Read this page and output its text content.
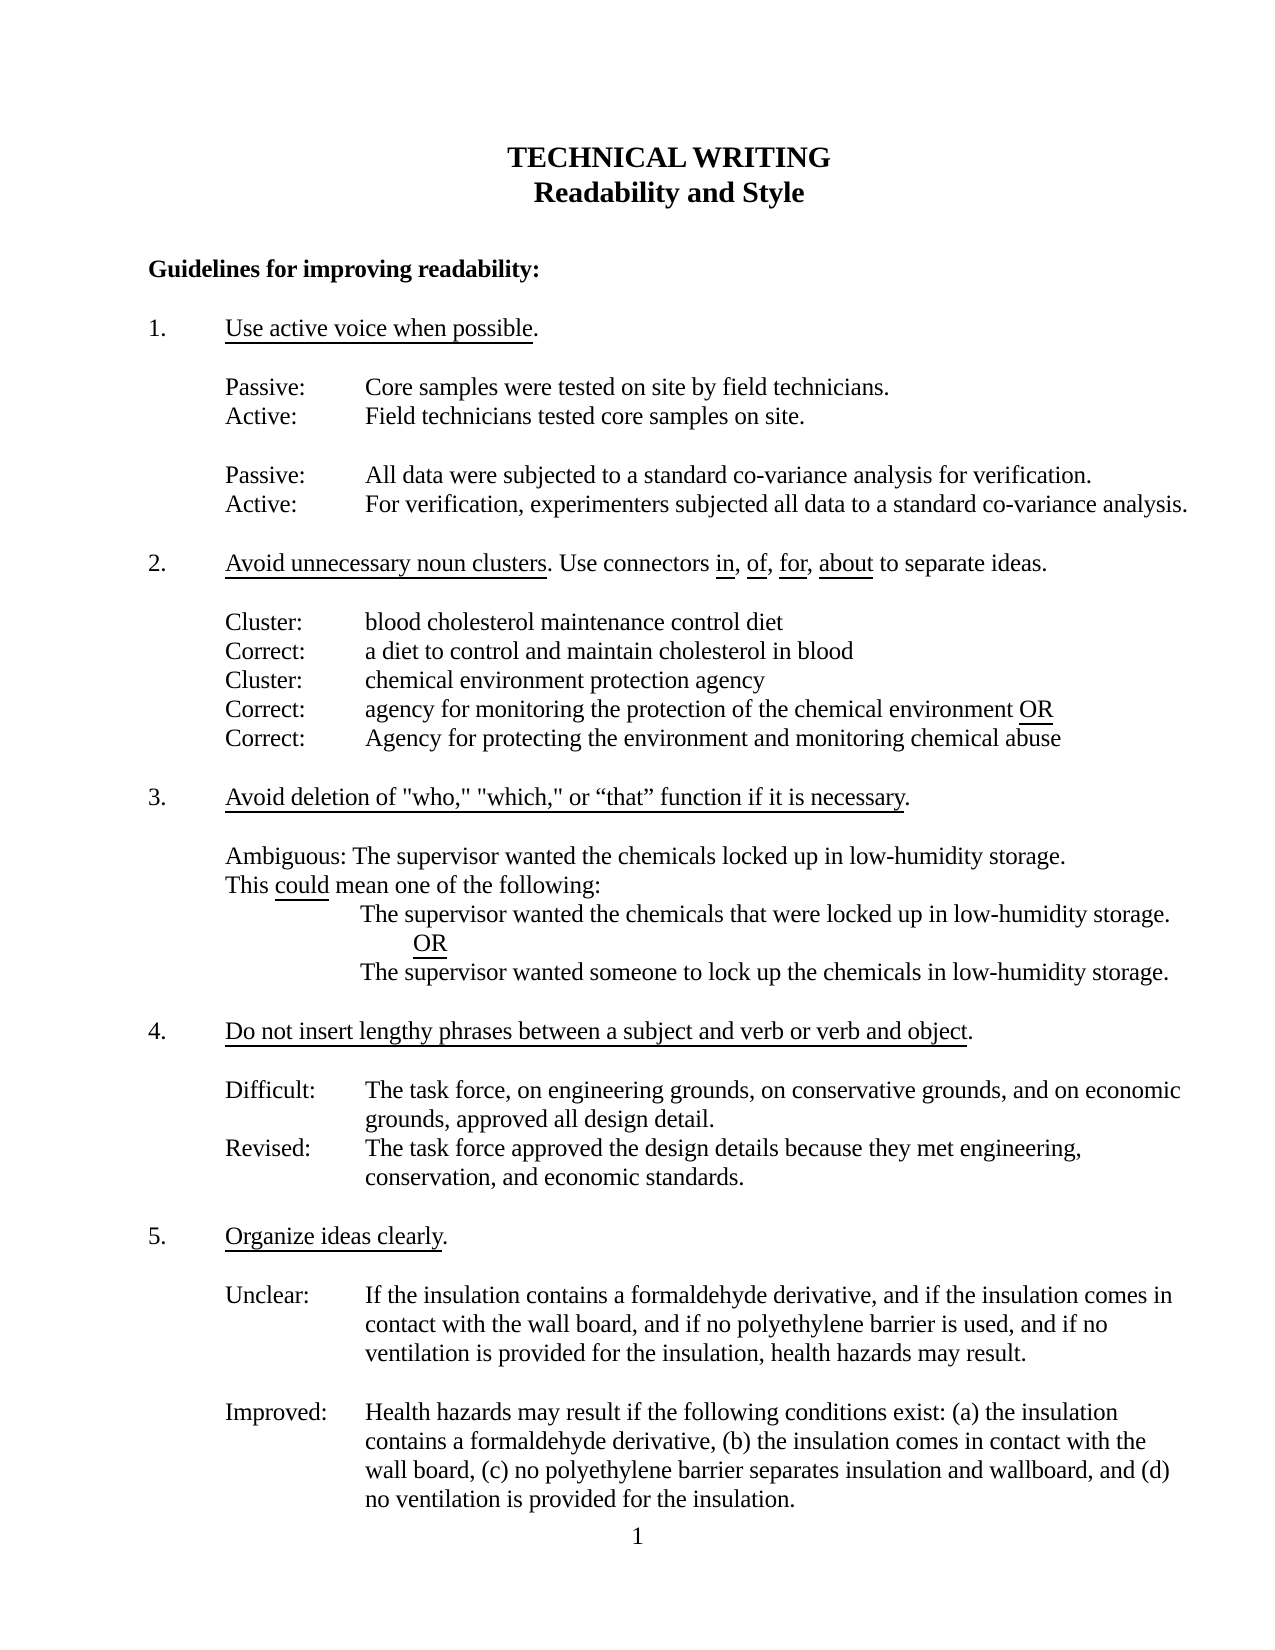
TECHNICAL WRITING
Readability and Style
Guidelines for improving readability:
1.	Use active voice when possible.
Passive:	Core samples were tested on site by field technicians.
Active:	Field technicians tested core samples on site.
Passive:	All data were subjected to a standard co-variance analysis for verification.
Active:	For verification, experimenters subjected all data to a standard co-variance analysis.
2.	Avoid unnecessary noun clusters. Use connectors in, of, for, about to separate ideas.
Cluster:	blood cholesterol maintenance control diet
Correct:	a diet to control and maintain cholesterol in blood
Cluster:	chemical environment protection agency
Correct:	agency for monitoring the protection of the chemical environment OR
Correct:	Agency for protecting the environment and monitoring chemical abuse
3.	Avoid deletion of "who," "which," or “that” function if it is necessary.
Ambiguous: The supervisor wanted the chemicals locked up in low-humidity storage.
This could mean one of the following:
The supervisor wanted the chemicals that were locked up in low-humidity storage.
OR
The supervisor wanted someone to lock up the chemicals in low-humidity storage.
4.	Do not insert lengthy phrases between a subject and verb or verb and object.
Difficult:	The task force, on engineering grounds, on conservative grounds, and on economic
grounds, approved all design detail.
Revised:	The task force approved the design details because they met engineering,
conservation, and economic standards.
5.	Organize ideas clearly.
Unclear:	If the insulation contains a formaldehyde derivative, and if the insulation comes in
contact with the wall board, and if no polyethylene barrier is used, and if no
ventilation is provided for the insulation, health hazards may result.
Improved:	Health hazards may result if the following conditions exist: (a) the insulation
contains a formaldehyde derivative, (b) the insulation comes in contact with the
wall board, (c) no polyethylene barrier separates insulation and wallboard, and (d)
no ventilation is provided for the insulation.
1
